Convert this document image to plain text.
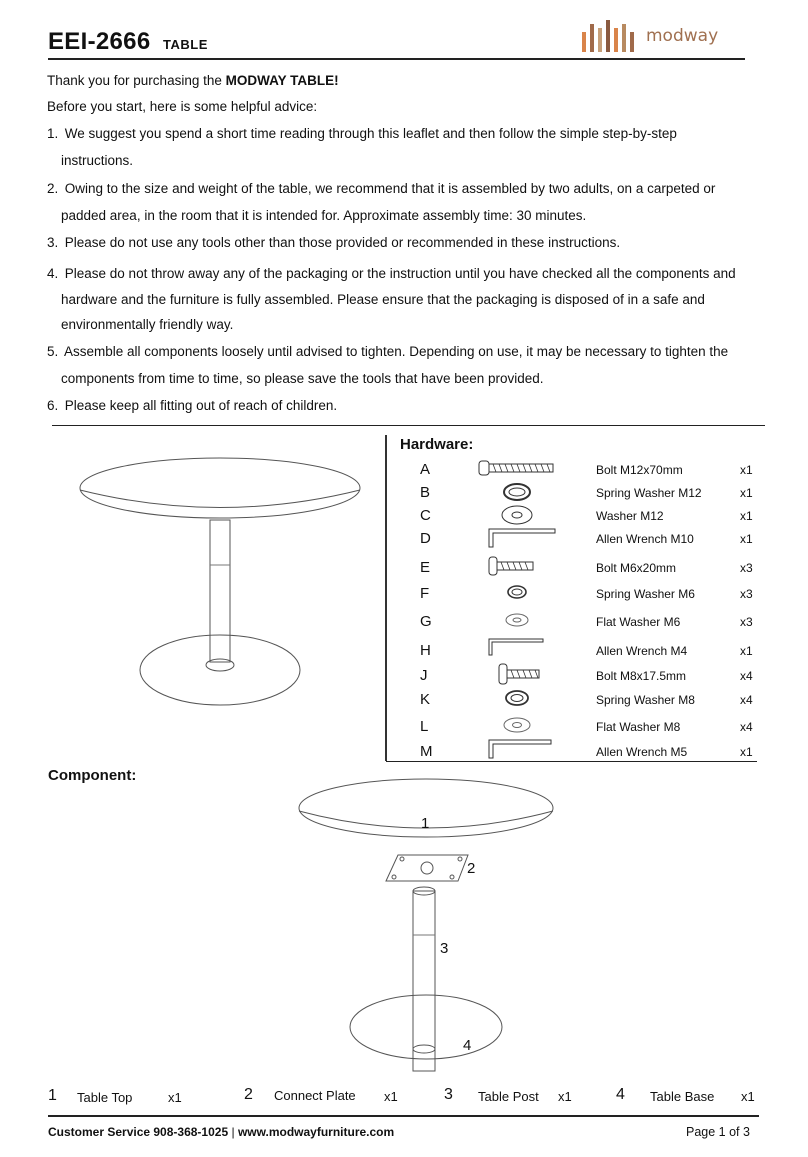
EEI-2666 TABLE	modway
Thank you for purchasing the MODWAY TABLE!
Before you start, here is some helpful advice:
1. We suggest you spend a short time reading through this leaflet and then follow the simple step-by-step
instructions.
2. Owing to the size and weight of the table, we recommend that it is assembled by two adults, on a carpeted or
padded area, in the room that it is intended for. Approximate assembly time: 30 minutes.
3. Please do not use any tools other than those provided or recommended in these instructions.
4. Please do not throw away any of the packaging or the instruction until you have checked all the components and
hardware and the furniture is fully assembled. Please ensure that the packaging is disposed of in a safe and
environmentally friendly way.
5. Assemble all components loosely until advised to tighten. Depending on use, it may be necessary to tighten the
components from time to time, so please save the tools that have been provided.
6. Please keep all fitting out of reach of children.
Hardware:
A	Bolt M12x70mm	x1
B	Spring Washer M12	x1
C	Washer M12	x1
D	Allen Wrench M10	x1
E	Bolt M6x20mm	x3
F	Spring Washer M6	x3
G	Flat Washer M6	x3
H	Allen Wrench M4	x1
J	Bolt M8x17.5mm	x4
K	Spring Washer M8	x4
L	Flat Washer M8	x4
M	Allen Wrench M5	x1
Component:
1
2
3
4
1 Table Top	x1	2 Connect Plate x1	3 Table Post x1	4 Table Base x1
Customer Service 908-368-1025 | www.modwayfurniture.com	Page 1 of 3
